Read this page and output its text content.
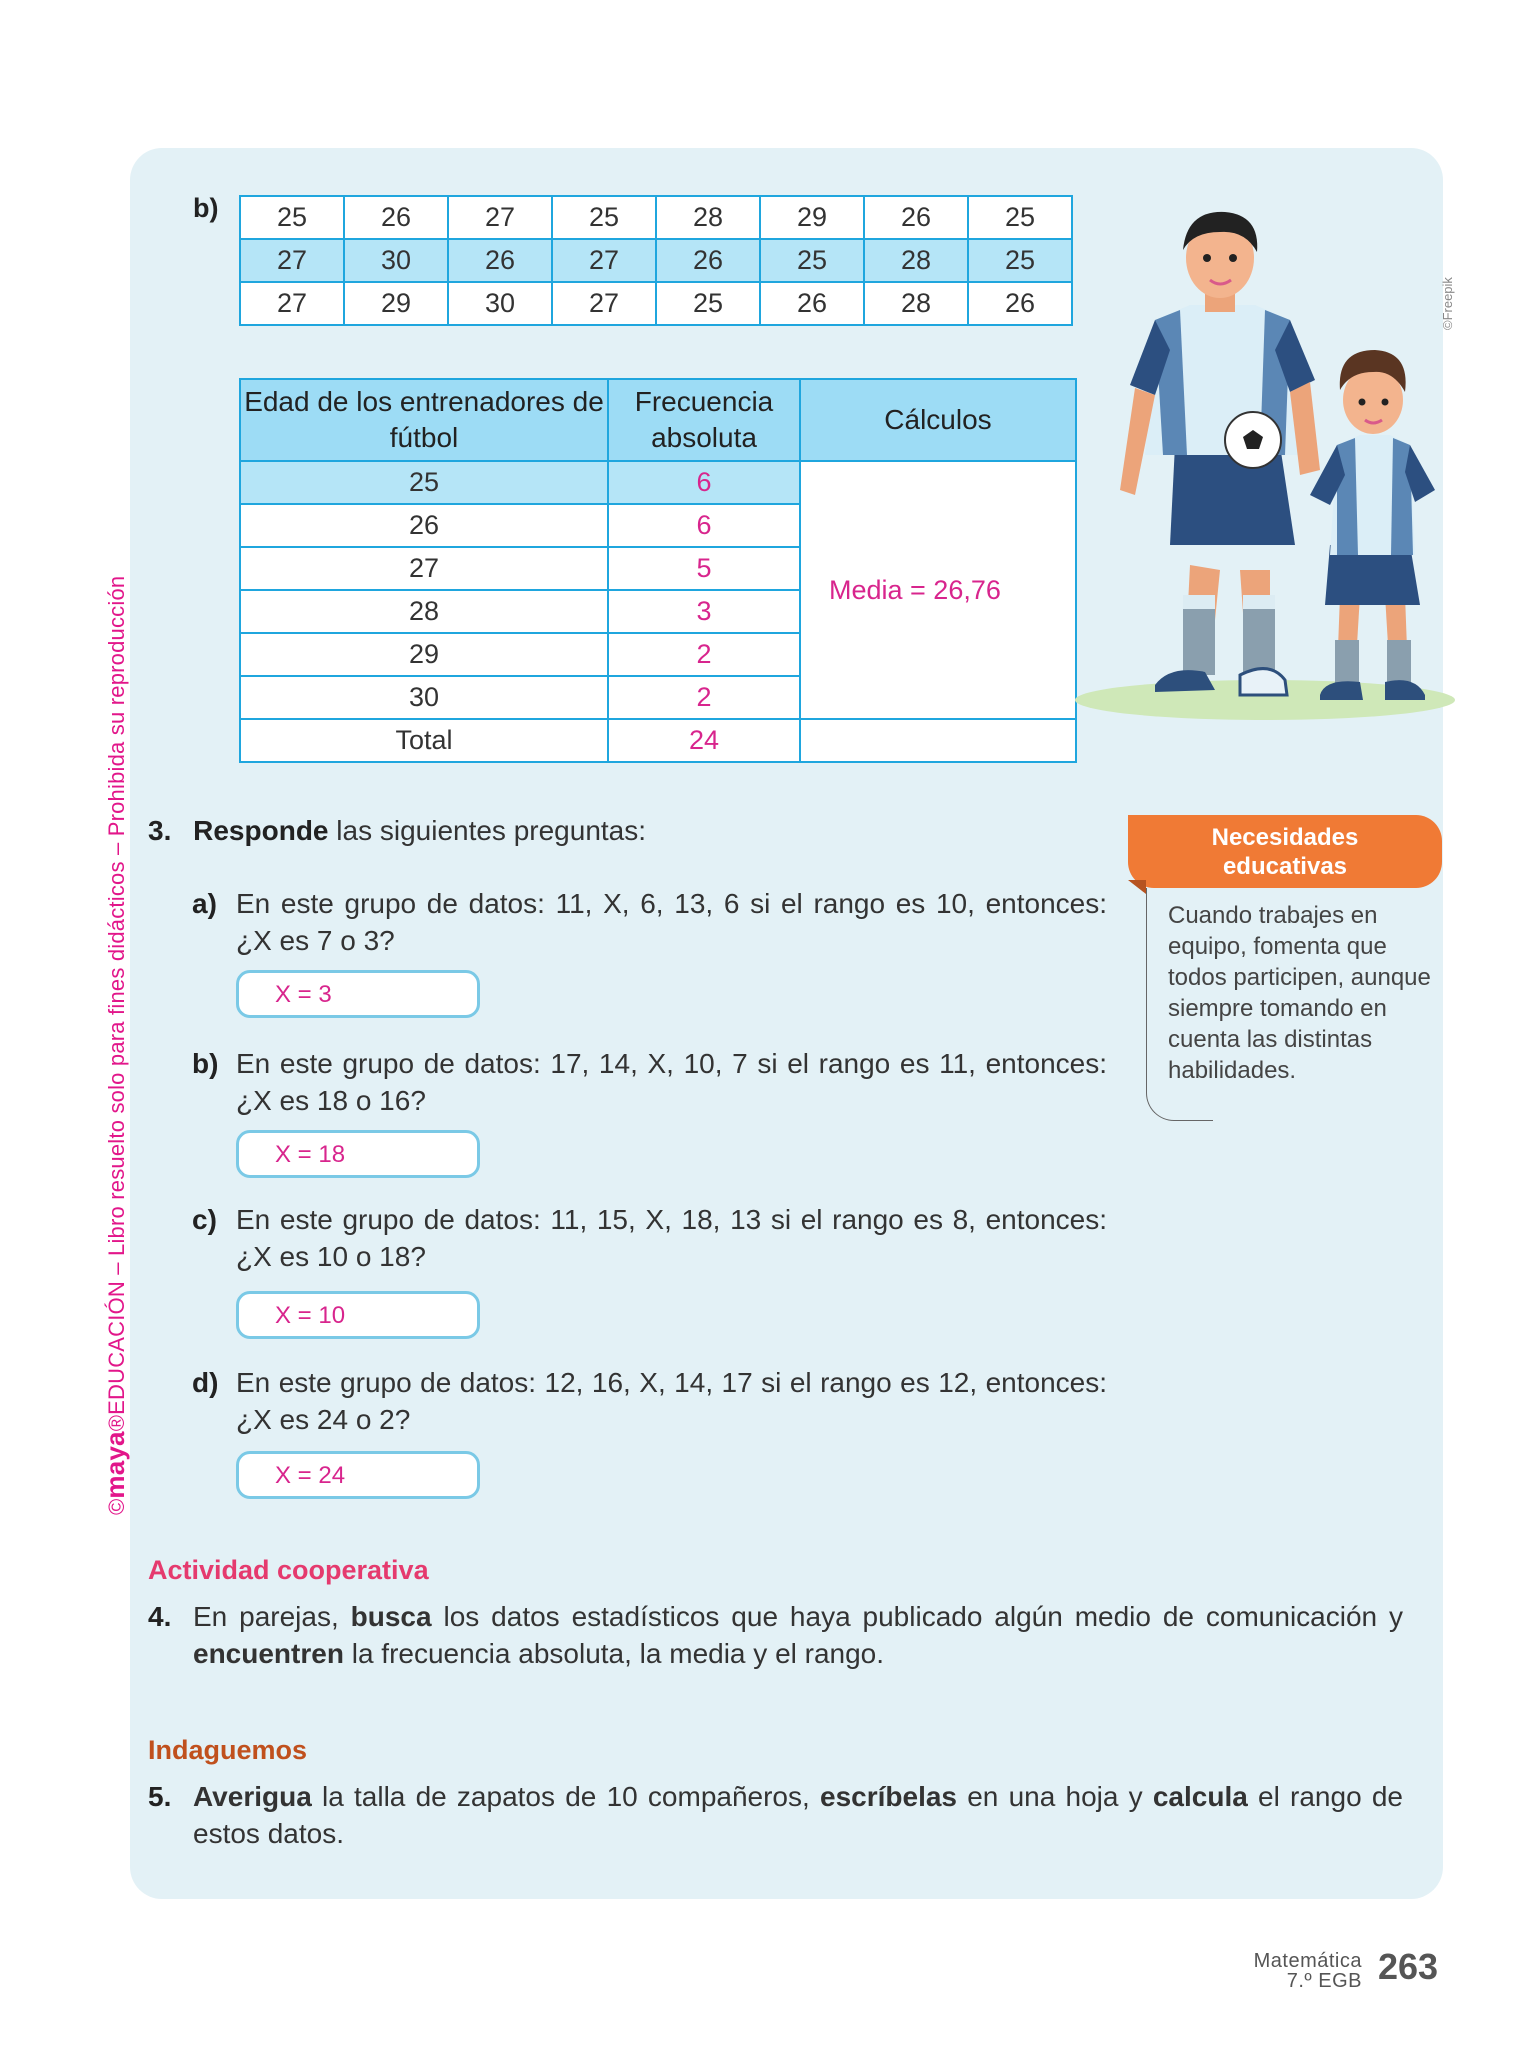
©maya®EDUCACIÓN – Libro resuelto solo para fines didácticos – Prohibida su reproducción
b) 25	26	27	25	28	29	26	25
27	30	26	27	26	25	28	25
27	29	30	27	25	26	28	26
Edad de los entrenadores de fútbol	Frecuencia absoluta	Cálculos
25	6	Media = 26,76
26	6	
27	5	
28	3	
29	2	
30	2	
Total	24	
©Freepik
3. Responde las siguientes preguntas:
a) En este grupo de datos: 11, X, 6, 13, 6 si el rango es 10, entonces: ¿X es 7 o 3?
X = 3
b) En este grupo de datos: 17, 14, X, 10, 7 si el rango es 11, entonces: ¿X es 18 o 16?
X = 18
c) En este grupo de datos: 11, 15, X, 18, 13 si el rango es 8, entonces: ¿X es 10 o 18?
X = 10
d) En este grupo de datos: 12, 16, X, 14, 17 si el rango es 12, entonces: ¿X es 24 o 2?
X = 24
Necesidades
educativas
Cuando trabajes en equipo, fomenta que todos participen, aunque siempre tomando en cuenta las distintas habilidades.
Actividad cooperativa
4. En parejas, busca los datos estadísticos que haya publicado algún medio de comunicación y encuentren la frecuencia absoluta, la media y el rango.
Indaguemos
5. Averigua la talla de zapatos de 10 compañeros, escríbelas en una hoja y calcula el rango de estos datos.
Matemática
7.º EGB 263
